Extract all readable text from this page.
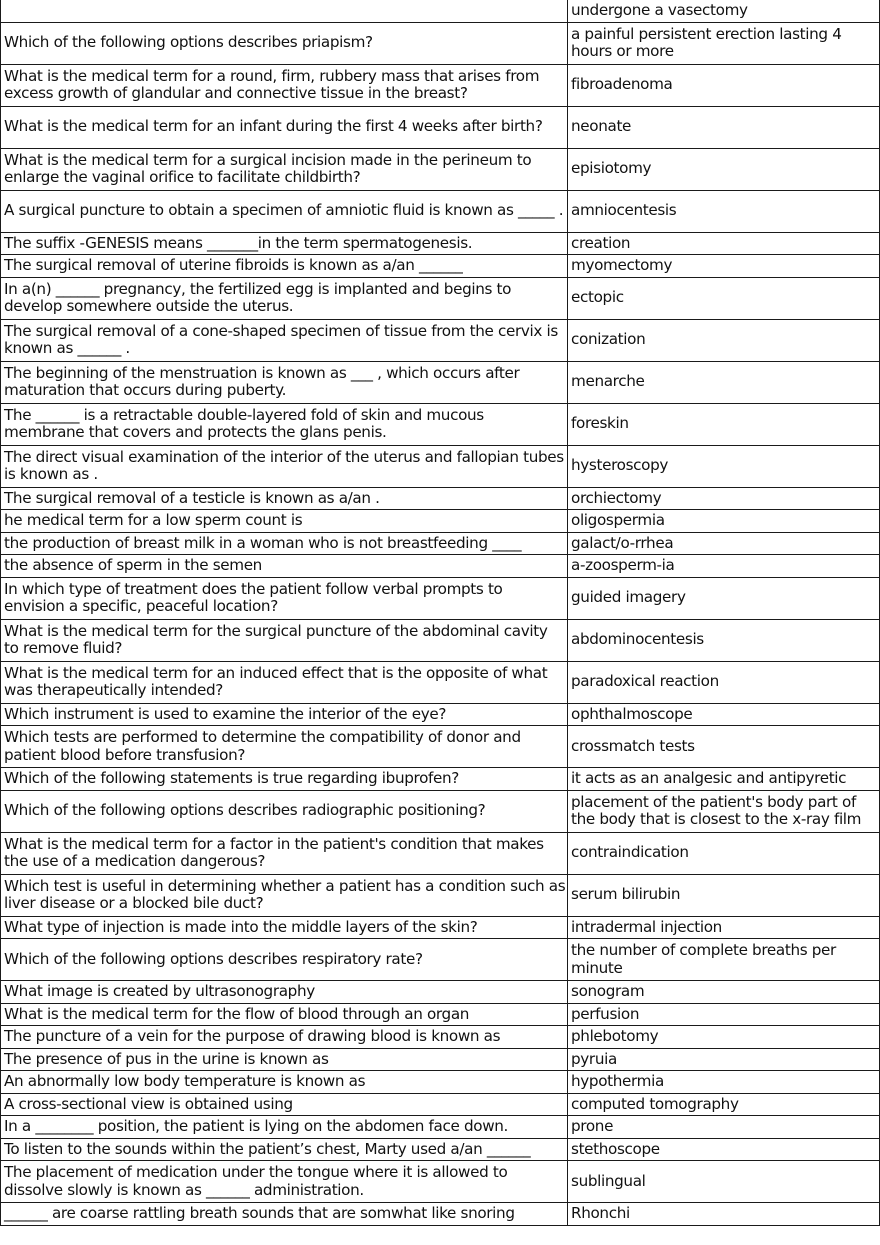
	undergone a vasectomy
Which of the following options describes priapism?	a painful persistent erection lasting 4 hours or more
What is the medical term for a round, firm, rubbery mass that arises from excess growth of glandular and connective tissue in the breast?	fibroadenoma
What is the medical term for an infant during the first 4 weeks after birth?	neonate
What is the medical term for a surgical incision made in the perineum to enlarge the vaginal orifice to facilitate childbirth?	episiotomy
A surgical puncture to obtain a specimen of amniotic fluid is known as _____ .	amniocentesis
The suffix -GENESIS means _______in the term spermatogenesis.	creation
The surgical removal of uterine fibroids is known as a/an ______	myomectomy
In a(n) ______ pregnancy, the fertilized egg is implanted and begins to develop somewhere outside the uterus.	ectopic
The surgical removal of a cone-shaped specimen of tissue from the cervix is known as ______ .	conization
The beginning of the menstruation is known as ___ , which occurs after maturation that occurs during puberty.	menarche
The ______ is a retractable double-layered fold of skin and mucous membrane that covers and protects the glans penis.	foreskin
The direct visual examination of the interior of the uterus and fallopian tubes is known as .	hysteroscopy
The surgical removal of a testicle is known as a/an .	orchiectomy
he medical term for a low sperm count is	oligospermia
the production of breast milk in a woman who is not breastfeeding ____	galact/o-rrhea
the absence of sperm in the semen	a-zoosperm-ia
In which type of treatment does the patient follow verbal prompts to envision a specific, peaceful location?	guided imagery
What is the medical term for the surgical puncture of the abdominal cavity to remove fluid?	abdominocentesis
What is the medical term for an induced effect that is the opposite of what was therapeutically intended?	paradoxical reaction
Which instrument is used to examine the interior of the eye?	ophthalmoscope
Which tests are performed to determine the compatibility of donor and patient blood before transfusion?	crossmatch tests
Which of the following statements is true regarding ibuprofen?	it acts as an analgesic and antipyretic
Which of the following options describes radiographic positioning?	placement of the patient's body part of the body that is closest to the x-ray film
What is the medical term for a factor in the patient's condition that makes the use of a medication dangerous?	contraindication
Which test is useful in determining whether a patient has a condition such as liver disease or a blocked bile duct?	serum bilirubin
What type of injection is made into the middle layers of the skin?	intradermal injection
Which of the following options describes respiratory rate?	the number of complete breaths per minute
What image is created by ultrasonography	sonogram
What is the medical term for the flow of blood through an organ	perfusion
The puncture of a vein for the purpose of drawing blood is known as	phlebotomy
The presence of pus in the urine is known as	pyruia
An abnormally low body temperature is known as	hypothermia
A cross-sectional view is obtained using	computed tomography
In a ________ position, the patient is lying on the abdomen face down.	prone
To listen to the sounds within the patient’s chest, Marty used a/an ______	stethoscope
The placement of medication under the tongue where it is allowed to dissolve slowly is known as ______ administration.	sublingual
______ are coarse rattling breath sounds that are somwhat like snoring	Rhonchi
